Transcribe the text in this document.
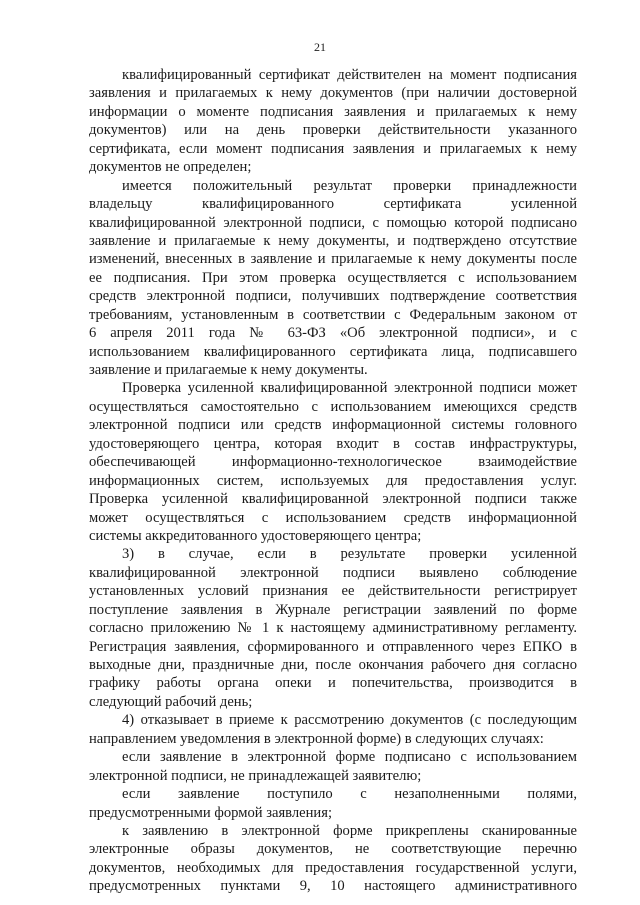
21
квалифицированный сертификат действителен на момент подписания
заявления и прилагаемых к нему документов (при наличии достоверной
информации о моменте подписания заявления и прилагаемых к нему
документов) или на день проверки действительности указанного
сертификата, если момент подписания заявления и прилагаемых к нему
документов не определен;
имеется положительный результат проверки принадлежности
владельцу квалифицированного сертификата усиленной
квалифицированной электронной подписи, с помощью которой подписано
заявление и прилагаемые к нему документы, и подтверждено отсутствие
изменений, внесенных в заявление и прилагаемые к нему документы после
ее подписания. При этом проверка осуществляется с использованием
средств электронной подписи, получивших подтверждение соответствия
требованиям, установленным в соответствии с Федеральным законом от
6 апреля 2011 года № 63-ФЗ «Об электронной подписи», и с
использованием квалифицированного сертификата лица, подписавшего
заявление и прилагаемые к нему документы.
Проверка усиленной квалифицированной электронной подписи может
осуществляться самостоятельно с использованием имеющихся средств
электронной подписи или средств информационной системы головного
удостоверяющего центра, которая входит в состав инфраструктуры,
обеспечивающей информационно-технологическое взаимодействие
информационных систем, используемых для предоставления услуг.
Проверка усиленной квалифицированной электронной подписи также
может осуществляться с использованием средств информационной
системы аккредитованного удостоверяющего центра;
3) в случае, если в результате проверки усиленной
квалифицированной электронной подписи выявлено соблюдение
установленных условий признания ее действительности регистрирует
поступление заявления в Журнале регистрации заявлений по форме
согласно приложению № 1 к настоящему административному регламенту.
Регистрация заявления, сформированного и отправленного через ЕПКО в
выходные дни, праздничные дни, после окончания рабочего дня согласно
графику работы органа опеки и попечительства, производится в
следующий рабочий день;
4) отказывает в приеме к рассмотрению документов (с последующим
направлением уведомления в электронной форме) в следующих случаях:
если заявление в электронной форме подписано с использованием
электронной подписи, не принадлежащей заявителю;
если заявление поступило с незаполненными полями,
предусмотренными формой заявления;
к заявлению в электронной форме прикреплены сканированные
электронные образы документов, не соответствующие перечню
документов, необходимых для предоставления государственной услуги,
предусмотренных пунктами 9, 10 настоящего административного
